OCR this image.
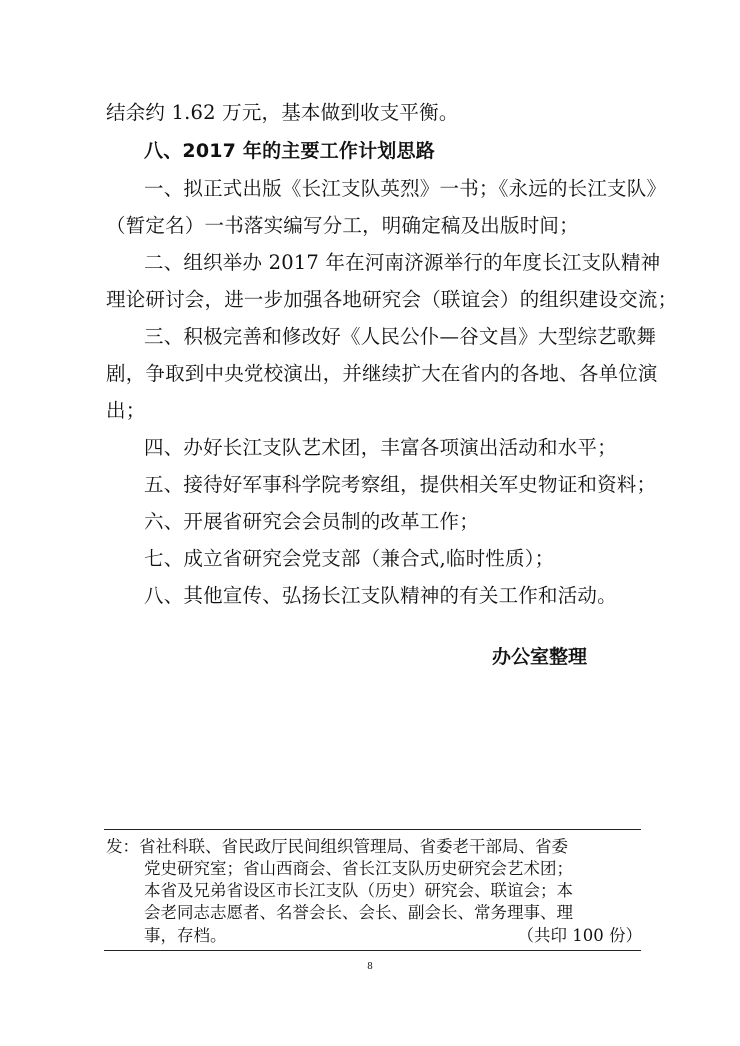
结余约 1.62 万元，基本做到收支平衡。
八、2017 年的主要工作计划思路
一、拟正式出版《长江支队英烈》一书；《永远的长江支队》
（暂定名）一书落实编写分工，明确定稿及出版时间；
二、组织举办 2017 年在河南济源举行的年度长江支队精神
理论研讨会，进一步加强各地研究会（联谊会）的组织建设交流；
三、积极完善和修改好《人民公仆—谷文昌》大型综艺歌舞
剧，争取到中央党校演出，并继续扩大在省内的各地、各单位演
出；
四、办好长江支队艺术团，丰富各项演出活动和水平；
五、接待好军事科学院考察组，提供相关军史物证和资料；
六、开展省研究会会员制的改革工作；
七、成立省研究会党支部（兼合式,临时性质）；
八、其他宣传、弘扬长江支队精神的有关工作和活动。
办公室整理
发：省社科联、省民政厅民间组织管理局、省委老干部局、省委
党史研究室；省山西商会、省长江支队历史研究会艺术团；
本省及兄弟省设区市长江支队（历史）研究会、联谊会；本
会老同志志愿者、名誉会长、会长、副会长、常务理事、理
事，存档。	（共印 100 份）
8
